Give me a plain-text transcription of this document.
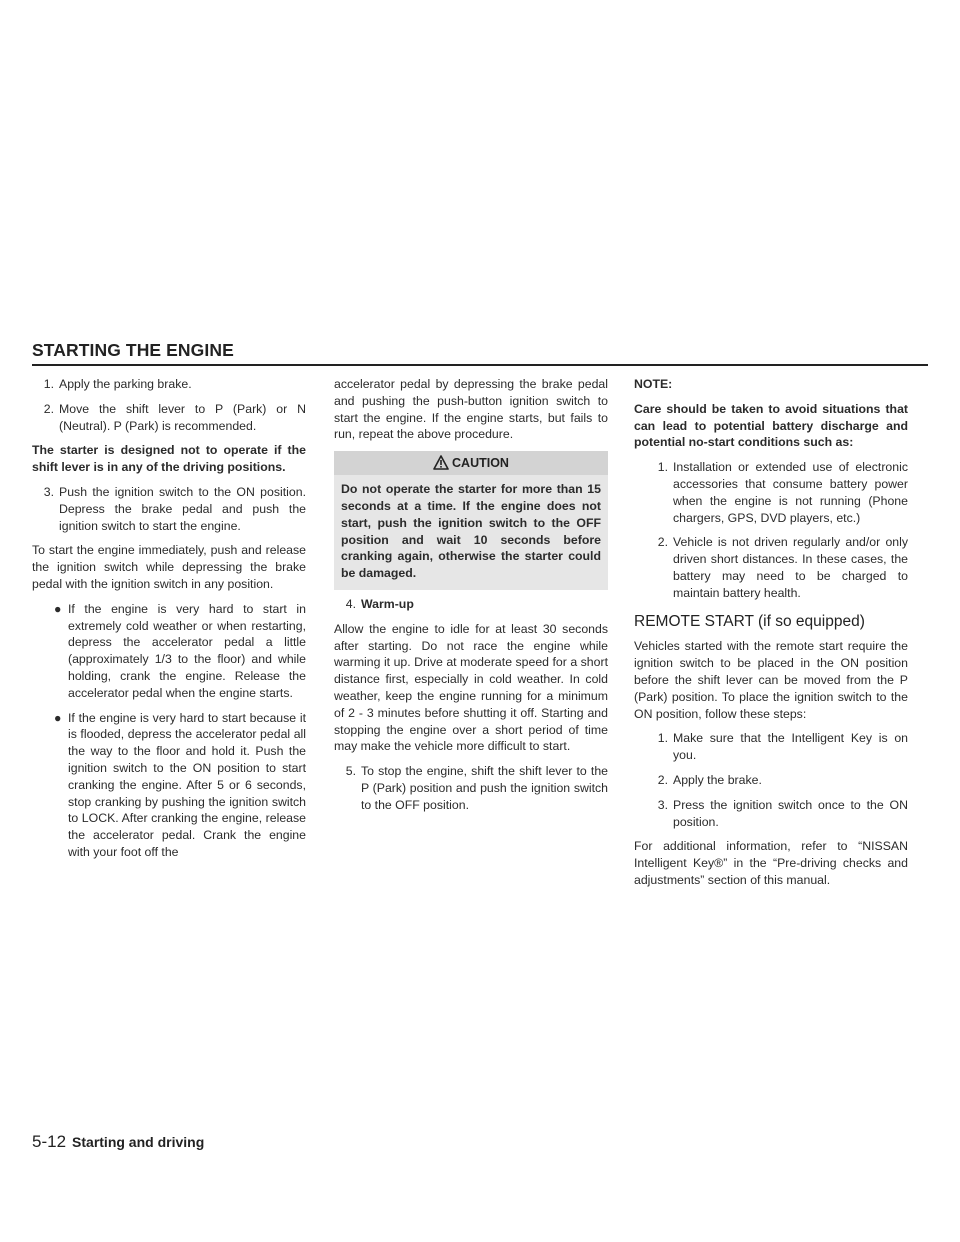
STARTING THE ENGINE
1. Apply the parking brake.
2. Move the shift lever to P (Park) or N (Neutral). P (Park) is recommended.

The starter is designed not to operate if the shift lever is in any of the driving positions.

3. Push the ignition switch to the ON position. Depress the brake pedal and push the ignition switch to start the engine.

To start the engine immediately, push and release the ignition switch while depressing the brake pedal with the ignition switch in any position.

● If the engine is very hard to start in extremely cold weather or when restarting, depress the accelerator pedal a little (approximately 1/3 to the floor) and while holding, crank the engine. Release the accelerator pedal when the engine starts.
● If the engine is very hard to start because it is flooded, depress the accelerator pedal all the way to the floor and hold it. Push the ignition switch to the ON position to start cranking the engine. After 5 or 6 seconds, stop cranking by pushing the ignition switch to LOCK. After cranking the engine, release the accelerator pedal. Crank the engine with your foot off the

accelerator pedal by depressing the brake pedal and pushing the push-button ignition switch to start the engine. If the engine starts, but fails to run, repeat the above procedure.

CAUTION
Do not operate the starter for more than 15 seconds at a time. If the engine does not start, push the ignition switch to the OFF position and wait 10 seconds before cranking again, otherwise the starter could be damaged.
4. Warm-up

Allow the engine to idle for at least 30 seconds after starting. Do not race the engine while warming it up. Drive at moderate speed for a short distance first, especially in cold weather. In cold weather, keep the engine running for a minimum of 2 - 3 minutes before shutting it off. Starting and stopping the engine over a short period of time may make the vehicle more difficult to start.

5. To stop the engine, shift the shift lever to the P (Park) position and push the ignition switch to the OFF position.

NOTE:

Care should be taken to avoid situations that can lead to potential battery discharge and potential no-start conditions such as:

1. Installation or extended use of electronic accessories that consume battery power when the engine is not running (Phone chargers, GPS, DVD players, etc.)
2. Vehicle is not driven regularly and/or only driven short distances. In these cases, the battery may need to be charged to maintain battery health.
REMOTE START (if so equipped)

Vehicles started with the remote start require the ignition switch to be placed in the ON position before the shift lever can be moved from the P (Park) position. To place the ignition switch to the ON position, follow these steps:

1. Make sure that the Intelligent Key is on you.
2. Apply the brake.
3. Press the ignition switch once to the ON position.

For additional information, refer to “NISSAN Intelligent Key®” in the “Pre-driving checks and adjustments” section of this manual.

5-12 Starting and driving
